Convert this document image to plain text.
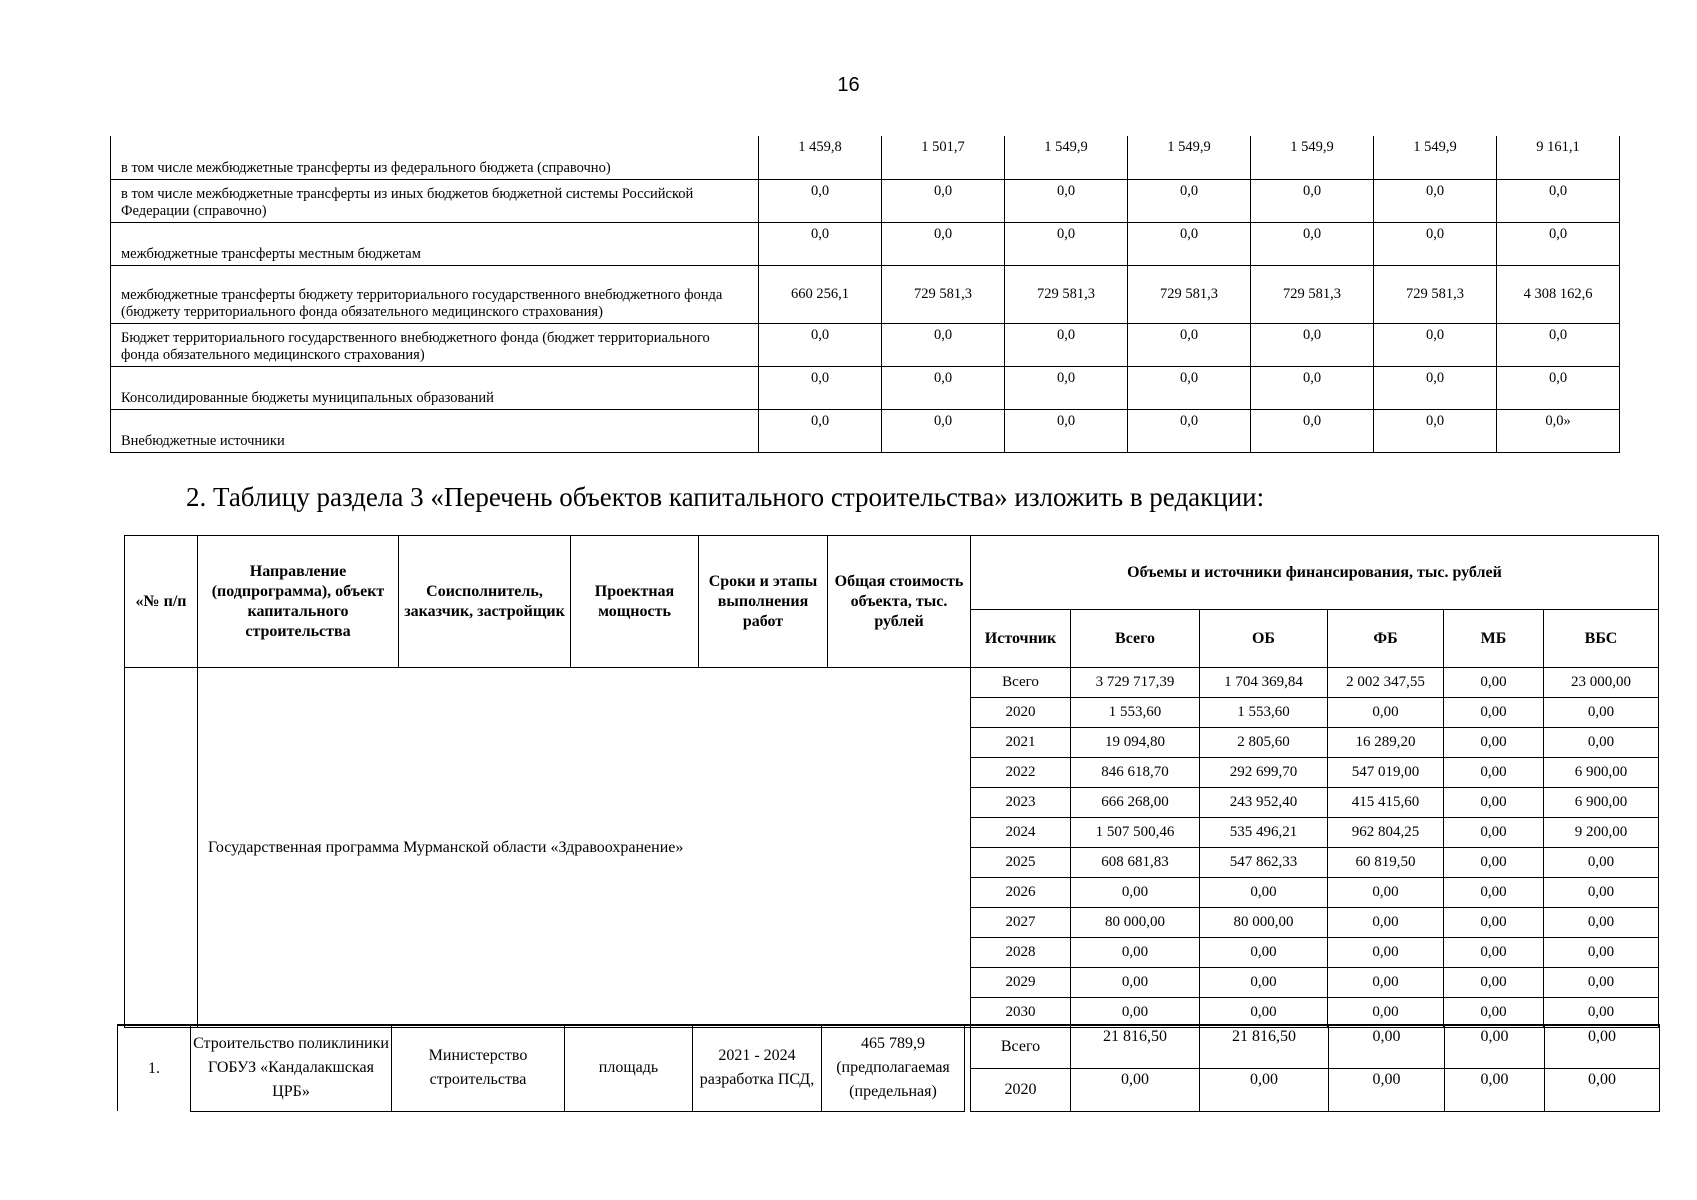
16
в том числе межбюджетные трансферты из федерального бюджета (справочно)	1 459,8	1 501,7	1 549,9	1 549,9	1 549,9	1 549,9	9 161,1
в том числе межбюджетные трансферты из иных бюджетов бюджетной системы Российской Федерации (справочно)	0,0	0,0	0,0	0,0	0,0	0,0	0,0
межбюджетные трансферты местным бюджетам	0,0	0,0	0,0	0,0	0,0	0,0	0,0
межбюджетные трансферты бюджету территориального государственного внебюджетного фонда (бюджету территориального фонда обязательного медицинского страхования)	660 256,1	729 581,3	729 581,3	729 581,3	729 581,3	729 581,3	4 308 162,6
Бюджет территориального государственного внебюджетного фонда (бюджет территориального фонда обязательного медицинского страхования)	0,0	0,0	0,0	0,0	0,0	0,0	0,0
Консолидированные бюджеты муниципальных образований	0,0	0,0	0,0	0,0	0,0	0,0	0,0
Внебюджетные источники	0,0	0,0	0,0	0,0	0,0	0,0	0,0»
2. Таблицу раздела 3 «Перечень объектов капитального строительства» изложить в редакции:
«№ п/п	Направление (подпрограмма), объект капитального строительства	Соисполнитель, заказчик, застройщик	Проектная мощность	Сроки и этапы выполнения работ	Общая стоимость объекта, тыс. рублей	Объемы и источники финансирования, тыс. рублей					
						Источник	Всего	ОБ	ФБ	МБ	ВБС
	Государственная программа Мурманской области «Здравоохранение»					Всего	3 729 717,39	1 704 369,84	2 002 347,55	0,00	23 000,00
						2020	1 553,60	1 553,60	0,00	0,00	0,00
						2021	19 094,80	2 805,60	16 289,20	0,00	0,00
						2022	846 618,70	292 699,70	547 019,00	0,00	6 900,00
						2023	666 268,00	243 952,40	415 415,60	0,00	6 900,00
						2024	1 507 500,46	535 496,21	962 804,25	0,00	9 200,00
						2025	608 681,83	547 862,33	60 819,50	0,00	0,00
						2026	0,00	0,00	0,00	0,00	0,00
						2027	80 000,00	80 000,00	0,00	0,00	0,00
						2028	0,00	0,00	0,00	0,00	0,00
						2029	0,00	0,00	0,00	0,00	0,00
						2030	0,00	0,00	0,00	0,00	0,00
1.	Строительство поликлиники ГОБУЗ «Кандалакшская ЦРБ»	Министерство строительства	площадь	2021 - 2024 разработка ПСД,	465 789,9 (предполагаемая (предельная)		Всего	21 816,50	21 816,50	0,00	0,00	0,00
							2020	0,00	0,00	0,00	0,00	0,00
